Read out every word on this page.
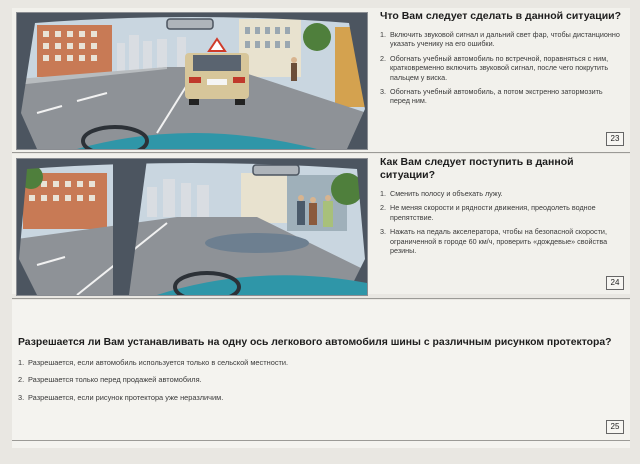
Что Вам следует сделать в данной ситуации?
1. Включить звуковой сигнал и дальний свет фар, чтобы дистанционно указать ученику на его ошибки.
2. Обогнать учебный автомобиль по встречной, поравняться с ним, кратковременно включить звуковой сигнал, после чего покрутить пальцем у виска.
3. Обогнать учебный автомобиль, а потом экстренно затормозить перед ним.
23
Как Вам следует поступить в данной ситуации?
1. Сменить полосу и объехать лужу.
2. Не меняя скорости и рядности движения, преодолеть водное препятствие.
3. Нажать на педаль акселератора, чтобы на безопасной скорости, ограниченной в городе 60 км/ч, проверить «дождевые» свойства резины.
24
Разрешается ли Вам устанавливать на одну ось легкового автомобиля шины с различным рисунком протектора?
1. Разрешается, если автомобиль используется только в сельской местности.
2. Разрешается только перед продажей автомобиля.
3. Разрешается, если рисунок протектора уже неразличим.
25
